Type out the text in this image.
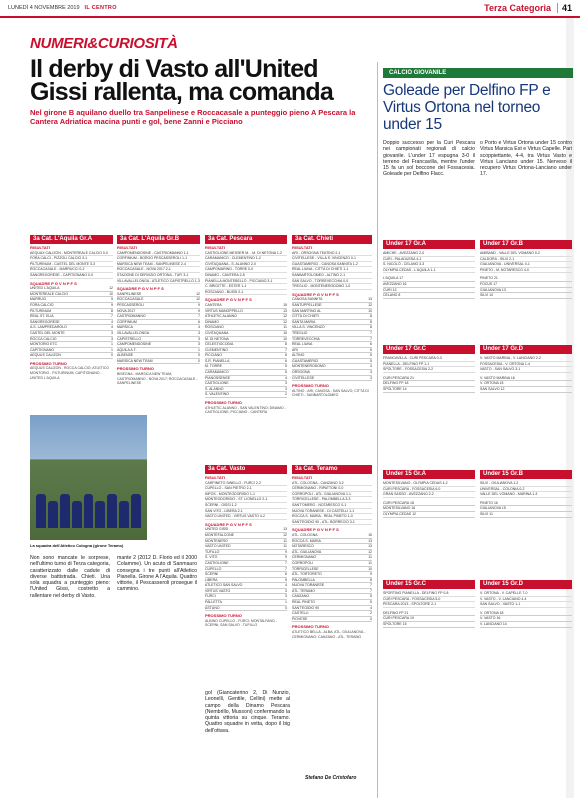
LUNEDÌ 4 NOVEMBRE 2019 IL CENTRO	Terza Categoria	41
NUMERI&CURIOSITÀ
Il derby di Vasto all'United Gissi rallenta, ma comanda
Nel girone B aquilano duello tra Sanpelinese e Roccacasale a punteggio pieno A Pescara la Cantera Adriatica macina punti e gol, bene Zanni e Picciano
3a Cat. L'Aquila Gr.A
RISULTATI
AEQUAX CALIZON - MONTEREALE CALCIO 0-0
FORA CALCI - PIZZOLI CALCIO 3-1
PILTURINUM - CASTEL DEL MONTE 3-3
ROCCACASALE - MARRUCCI 0-2
SANGREGORESE - CAPITIGNANO 0-0
SQUADRE P G V N P F S
UNITED L'AQUILA	12
MONTEREALE CALCIO	10
MARRUCI	9
FORA CALCIO	9
PILTURINUM	8
REAL ST. ELIA	7
SANGREGORESE	4
A.S. LAMPREDAROLO	4
CASTEL DEL MONTE	3
ROCCA CALCIO	3
MONTORIO ETC	1
CAPITIGNANO	1
AEQUUS CALIZON	0
PROSSIMO TURNO
AEQUUS CALIZON - ROCCA CALCIO; ATLETICO MONTORIO - PILTURINUM; CAPITIGNANO - UNITED L'AQUILA
3a Cat. L'Aquila Gr.B
RISULTATI
CAMPOMENDOSINE - CASTRIOMANNO 1-1
CORFINIUM - BORGO PESCASSEROLI 1-1
MARSICA NEW TEAM - SANPELINESE 2-4
ROCCACASALE - NOVA 2017 2-1
STAZIONE DI SERVIZIO ORTONA - TUFI 3-1
VILLAVALLELONGA - ATLETICO CAPISTRELLO 1-3
SQUADRE P G V N P F S
SANPELINESE	12
ROCCACASALE	12
PESCASSEROLI	9
NOVA 2017	9
CASTRIOMANNO	7
CORFINIUM	6
MARSICA	4
VILLAVALLELONGA	3
CAPISTRELLO	3
CAMPOMENDOSINE	3
AQUILA A.T.	1
ALBENSE	0
MARSICA NEW TEAM	0
PROSSIMO TURNO
BISEGNA - MARSICA NEW TEAM; CASTRIOMANNO - NOVA 2017; ROCCACASALE - SANPELINESE
3a Cat. Pescara
RISULTATI
CASTIGLIONE MESSER M. - M. DI NETONA 1-2
CARAMANICO - CLEMENTINO 1-2
CIVITAQUANA - S. ALANNO 2-0
CAMPOMARINO - TORRE 0-0
DINAMO - CANTERA 2-8
PIANELLA MONTEBELLO - PICCIANO 3-1
C. BRIGITTE - ESTER 1-1
ROSCIANO - BUSSI 0-1
SQUADRE P G V N P F S
CANTERA	15
VIRTUS MANOPPELLO	13
ATHLETIC ALANNO	12
DINAMO	12
ROSCIANO	11
CIVITAQUANA	10
M. DI NETONA	10
CELESTIOCODIA	8
CLEMENTINO	7
PICCIANO	6
S.R. PIANELLA	6
M. TORRE	5
CARAMANICO	5
PIANOSSENSE	4
CASTIGLIONE	3
S. ALANNO	3
S. VALENTINO	2
PROSSIMO TURNO
ATHLETIC ALANNO - SAN VALENTINO; DINAMO - CASTIGLIONE; PICCIANO - CANTERA
3a Cat. Chieti
RISULTATI
ARI - ORSOGNA TEATINO 2-1
CIVITELLESE - VILLA S. VINCENZO 0-1
GUASTAMERICI - CANOSA SANNITA 1-2
REAL LIUNA - CITTÀ DI CHIETI 1-1
SANBARTOLOMEO - ALTINO 2-1
SAN SALVO - TORREVECCHIA 0-0
TREGLIO - MONTENERODOMO 1-0
SQUADRE P G V N P F S
CANOSA SANNITA	13
SANTUPPELLESE	12
SAN MARTINO AL	10
CITTÀ DI CHIETI	8
SANTA MARIA	8
VILLA S. VINCENZO	8
TREGLIO	7
TORREVECCHIA	7
REAL LIUNA	6
ARI	5
ALTINO	5
GUASTAMERICI	5
MONTENERODOMO	4
ORSOGNA	3
CIVITELLESE	3
PROSSIMO TURNO
ALTINO - ARI; CANOSA - SAN SALVO; CITTÀ DI CHIETI - SANBARTOLOMEO
3a Cat. Vasto
RISULTATI
CARPINETO SINELLO - FURCI 2-2
CUPELLO - SAN PIETRO 2-1
INFOS - MONTEODORISIO 1-1
MONTEODORISIO - ST. LIONELLO 2-1
SCERNI - GISSI 1-2
SAN VITO - LIBERA 2-1
VASTO UNITED - VIRTUS VASTO 4-2
SQUADRE P G V N P F S
UNITED GISSI	13
MONTEFALCONE	12
MONTENERO	11
VASTO UNITED	11
TUFILLO	9
S. VITO	9
CASTIGLIONE	7
CUPELLO	7
SCERNI	6
LIBERA	5
ATLETICO SAN SALVO	4
VIRTUS VASTO	3
FURCI	3
PALLETTA	1
ASTUNO	0
PROSSIMO TURNO
ALBINO CUPELLO - FURCI; MONTALFANO - SCERNI; SAN SALVO - TUFILLO
3a Cat. Teramo
RISULTATI
ATL. COLOGNA - CANZANO 3-2
CERMIGNANO - RIPATTONI 0-0
CORROPOLI - ATL. GIULIANOVA 1-1
TORRICELLESE - PALOMBELLA 3-3
SANT'OMERO - NOTARESCO 0-1
NUOVA TORANESE - DI CASTELLI 1-1
ROCCA S. MARIA - REAL PINETO 1-0
SANT'EGIDIO 90 - ATL. BORRECIO 3-1
SQUADRE P G V N P F S
ATL. COLOGNA	15
ROCCA S. MARIA	13
NOTARESCO	13
ATL. GIULIANOVA	12
CERMIGNANO	11
CORROPOLI	11
TORRICELLESE	10
ATL. TORTORETO	9
PALOMBELLA	8
NUOVA TORANESE	7
ATL. TERAMO	7
CANZANO	5
REAL PINETO	5
SANT'EGIDIO 90	4
CASTELLI	2
PIOVESE	0
PROSSIMO TURNO
ATLETICO BELLA - ALBA; ATL. GIULIANOVA - CERMIGNANO; CANZANO - ATL. TERAMO
La squadra dell'Atletico Cologna (girone Teramo)
Non sono mancate le sorprese, nell'ultimo turno di Terza categoria, caratterizzato dalle cadute di diverse battistrada. Chieti. Una sola squadra a punteggio pieno: l'United Gissi, costretto a rallentare nel derby di Vasto.
mante 2 (2012 D. Florio ed il 2000 Colamme). Un acuto di Sanmauro consegna i tre punti all'Atletico Pianella. Girone A l'Aquila. Quattro vittorie, il Pescasseroli prosegue il cammino.
gol (Giancaterino 2, Di Nunzio, Leonelli, Gentile, Cellini) mette al campo della Dinamo Pescara (Nembrillo, Mussoni) confermando la quinta vittoria su cinque. Teramo. Quattro squadre in vetta, dopo il big dell'ottava.
Stefano De Cristofaro
CALCIO GIOVANILE
Goleade per Delfino FP e Virtus Ortona nel torneo under 15
Doppio successo per la Curi Pescara nei campionati regionali di calcio giovanile. L'under 17 espugna 3-0 il terreno del Francavilla, mentre l'under 15 fa un sol boccone del Fossacesia. Goleade per Delfino Flacc.
o Porto e Virtus Ortona under 15 contro Virtus Marsica Est e Virtus Capelle. Pari scoppiettante, 4-4, tra Virtus Vasto e Virtus Lanciano under 15. Nerveso il recupero Virtus Ortona-Lanciano under 17.
Under 17 Gr.A
AMICHE - AVEZZANO 2-0
CURI - PALADUSSA 4-1
S. NICOLÒ - CELANO 3-3
OLYMPIA CEDAS - L'AQUILA 1-1
L'AQUILA 17
AVEZZANO 16
CURI 13
CELANO 8
Under 17 Gr.B
AMIBAND - VALLE DEL VOMANO 0-2
CALDORA - SILVI 2-1
GIULIANOVA - UNIVERSAL 0-1
PINETO - M. NOTARESCO 4-0
PINETO 21
FOCUS 17
GIULIANOVA 13
SILVI 10
Under 17 Gr.C
FRANCAVILLA - CURI PESCARA 0-3
PIANELLA - DELFINO FP 1-1
SPOLTORE - FOSSACESIA 2-2
CURI PESCARA 21
DELFINO FP 18
SPOLTORE 14
Under 17 Gr.D
V. VASTO MARINA - V. LANCIANO 2-2
FOSSACESIA - V. ORTONA 1-4
VASTO - SAN SALVO 3-1
V. VASTO MARINA 16
V. ORTONA 15
SAN SALVO 12
Under 15 Gr.A
MONTESILVANO - OLYMPIA CEDAS 4-2
CURI PESCARA - FOSSACESIA 6-0
GRAN SASSO - AVEZZANO 2-2
CURI PESCARA 18
MONTESILVANO 16
OLYMPIA CEDAS 12
Under 15 Gr.B
SILVI - GIULIANOVA 1-2
UNIVERSAL - COLONIA 0-2
VALLE DEL VOMANO - MARINA 1-3
PINETO 16
GIULIANOVA 15
SILVI 11
Under 15 Gr.C
SPORTING PIANELLA - DELFINO FP 0-8
CURI PESCARA - FOSSACESIA 5-0
PESCARA 2013 - SPOLTORE 2-1
DELFINO FP 21
CURI PESCARA 19
SPOLTORE 15
Under 15 Gr.D
V. ORTONA - V. CAPELLE 7-0
V. VASTO - V. LANCIANO 4-4
SAN SALVO - VASTO 1-1
V. ORTONA 18
V. VASTO 16
V. LANCIANO 14
